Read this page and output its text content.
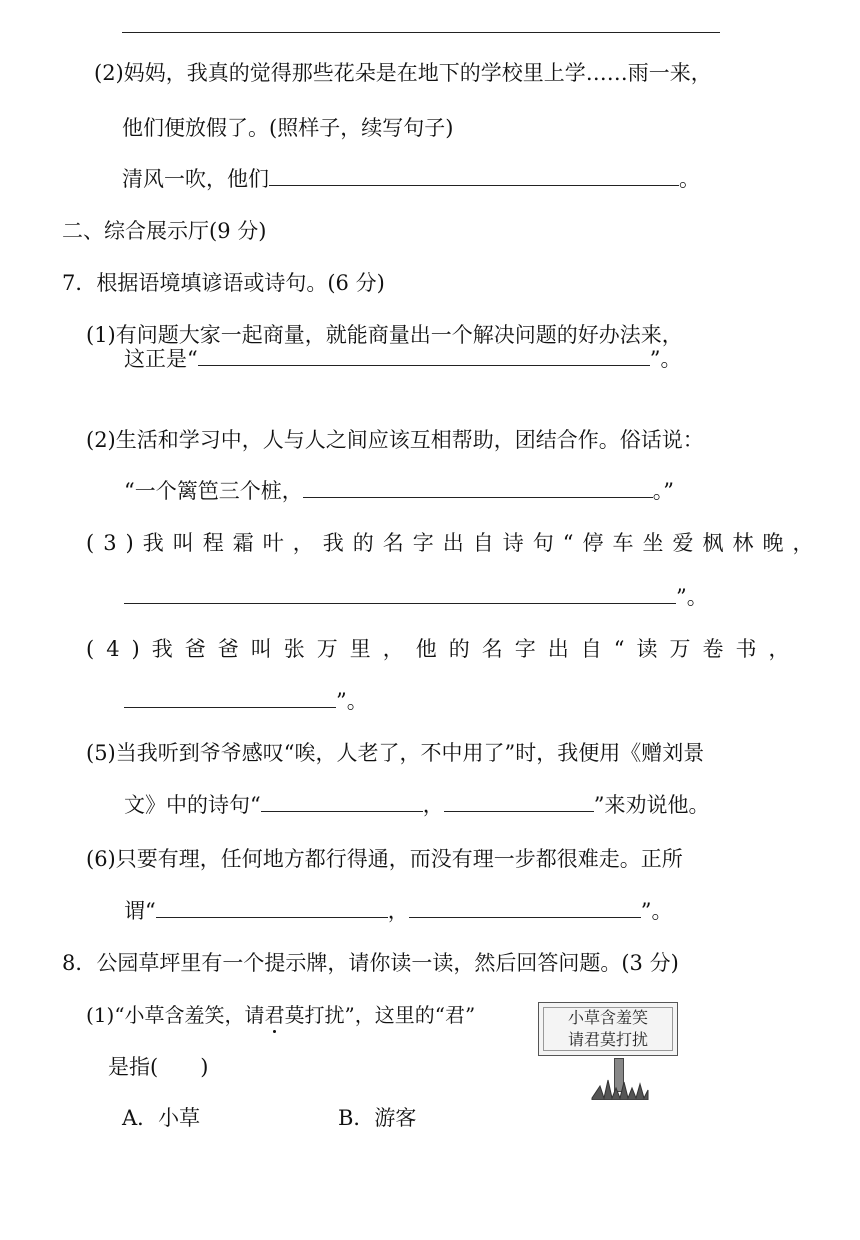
(2)妈妈，我真的觉得那些花朵是在地下的学校里上学……雨一来，
他们便放假了。(照样子，续写句子)
清风一吹，他们	。
二、综合展示厅(9 分)
7．根据语境填谚语或诗句。(6 分)
(1)有问题大家一起商量，就能商量出一个解决问题的好办法来，
这正是“	”。
(2)生活和学习中，人与人之间应该互相帮助，团结合作。俗话说：
“一个篱笆三个桩，	。”
(3)我叫程霜叶，我的名字出自诗句“停车坐爱枫林晚，
”。
(4)我爸爸叫张万里，他的名字出自“读万卷书，
”。
(5)当我听到爷爷感叹“唉，人老了，不中用了”时，我便用《赠刘景
文》中的诗句“	，	”来劝说他。
(6)只要有理，任何地方都行得通，而没有理一步都很难走。正所
谓“	，	”。
8．公园草坪里有一个提示牌，请你读一读，然后回答问题。(3 分)
(1)“小草含羞笑，请君莫打扰”，这里的“君”
是指(　　)
A．小草	B．游客
小草含羞笑
请君莫打扰
